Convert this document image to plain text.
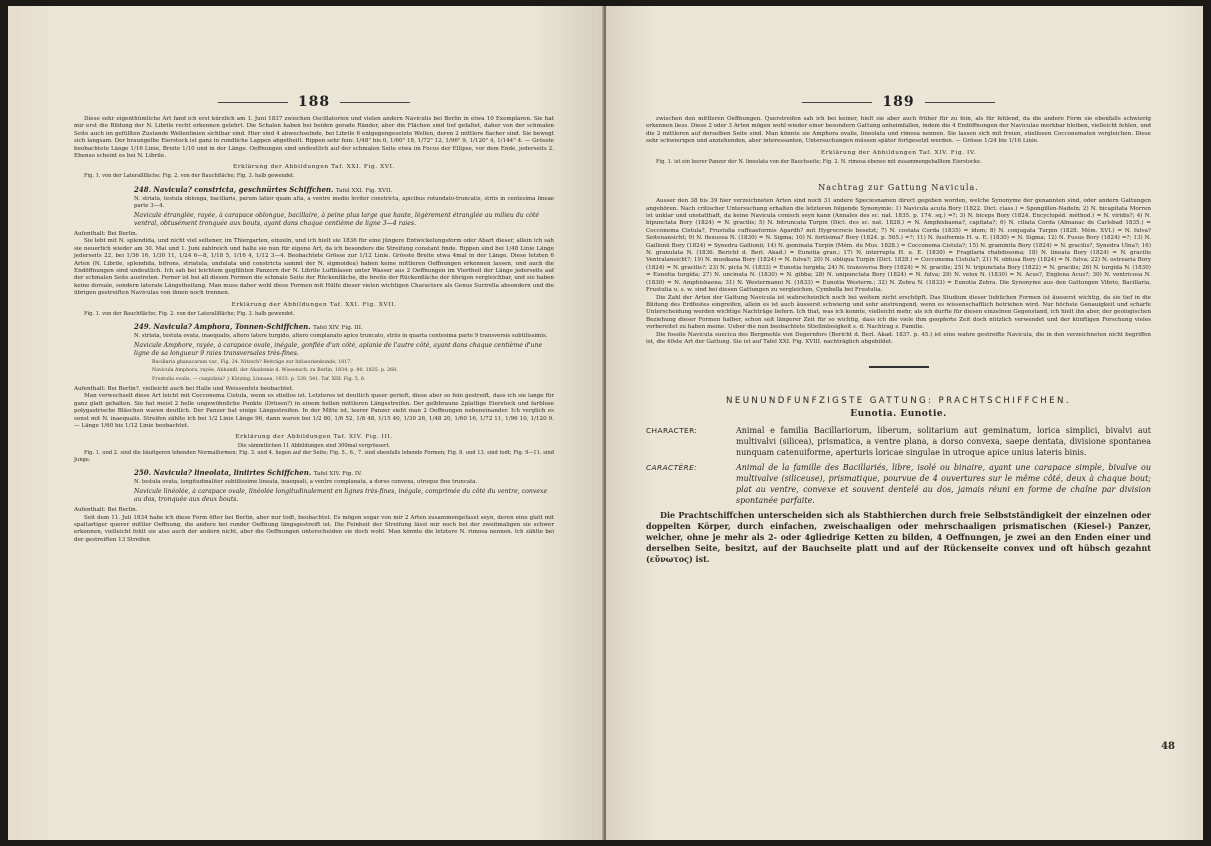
188

Diese sehr eigenthümliche Art fand ich erst kürzlich am 1. Juni 1837 zwischen Oscillatorien und vielen andern Naviculis bei Berlin in etwa 10 Exemplaren. Sie hat mir erst die Bildung der N. Librile recht erkennen gelehrt. Die Schalen haben bei beiden gerade Ränder, aber die Flächen sind tief gefaltet, daher von der schmalen Seite auch im gefüllten Zustande Wellenlinien sichtbar sind. Hier sind 4 abwechselnde, bei Librile 6 entgegengesetzte Wellen, deren 2 mittlere flacher sind. Sie bewegt sich langsam. Der braungelbe Eierstock ist ganz in rundliche Lappen abgetheilt. Rippen sehr fein: 1/48" bis 0, 1/60" 18, 1/72" 12, 1/96" 9, 1/120" 4, 1/144" 4. — Grösste beobachtete Länge 1/16 Linie, Breite 1/10 und in der Länge. Oeffnungen sind undeutlich auf der schmalen Seite etwa im Focus der Ellipse, vor dem Ende, jederseits 2. Ebenso scheint es bei N. Librile.

Erklärung der Abbildungen Taf. XXI. Fig. XVI.

Fig. 1. von der Laterallfläche; Fig. 2. von der Bauchfläche; Fig. 3. halb gewendet.

248. Navicula? constricta, geschnürtes Schiffchen. Tafel XXI. Fig. XVII.

N. striata, testula oblonga, bacillaris, parum latior quam alta, a ventre medio leviter constricta, apicibus rotundato-truncatis, striis in centesima lineae parte 3—4.

Navicule étranglée, rayée, à carapace oblongue, bacillaire, à peine plus large que haute, légèrement étranglée au milieu du côté ventral, obtusément tronquée aux bouts, ayant dans chaque centième de ligne 3—4 raies.

Aufenthalt: Bei Berlin.

Sie lebt mit N. splendida, und nicht viel seltener, im Thiergarten, einzeln, und ich hielt sie 1836 für eine jüngere Entwickelungsform oder Abart dieser, allein ich sah sie neuerlich wieder am 30. Mai und 1. Juni zahlreich und halte sie nun für eigene Art, da ich besonders die Streifung constant finde. Rippen sind bei 1/48 Linie Länge jederseits 22, bei 1/36 16, 1/30 11, 1/24 6—8, 1/18 5, 1/16 4, 1/12 3—4. Beobachtete Grösse zur 1/12 Linie. Grösste Breite etwa 4mal in der Länge. Diese letzten 6 Arten (N. Librile, splendida, bifrons, striatula, undulata und constricta sammt der N. sigmoidea) haben keine mittleren Oeffnungen erkennen lassen, und auch die Endöffnungen sind undeutlich. Ich sah bei leichtem geglühten Panzern der N. Librile Luftblasen unter Wasser aus 2 Oeffnungen im Viertheil der Länge jederseits auf der schmalen Seite austreten. Ferner ist bei all diesen Formen die schmale Seite der Rückenfläche, die breite der Rückenfläche der übrigen vergleichbar, und sie haben keine dorsale, sondern laterale Längstheilung. Man muss daher wohl diese Formen mit Hülfe dieser vielen wichtigen Charactere als Genus Surirella absondern und die übrigen gestreiften Naviculas von ihnen noch trennen.

Erklärung der Abbildungen Taf. XXI. Fig. XVII.

Fig. 1. von der Bauchfläche; Fig. 2. von der Laterallfläche; Fig. 3. halb gewendet.

249. Navicula? Amphora, Tonnen-Schiffchen. Tafel XIV. Fig. III.

N. striata, testula ovata, inaequalis, altero latere turgido, altero complanato apice truncato, striis in quarta centesima parte 9 transversis subtilissimis.

Navicule Amphore, rayée, à carapace ovale, inégale, gonflée d'un côté, aplanie de l'autre côté, ayant dans chaque centième d'une ligne de sa longueur 9 raies transversales très-fines.

Bacillaria ghanacarum var., Fig. 24. Nitzsch? Beiträge zur Infusorienkunde, 1817.

Navicula Amphora, rayée, Abhandl. der Akademie d. Wissensch. zu Berlin, 1834. p. 80. 1835. p. 268.

Frustulia ovalis, — cuspidata? } Kützing, Linnaea, 1833. p. 539, 541. Taf. XIII. Fig. 5, 6.

Aufenthalt: Bei Berlin?, vielleicht auch bei Halle und Weissenfels beobachtet.

Man verwechselt diese Art leicht mit Cocconema Cistula, wenn es stiellos ist. Letzteres ist deutlich queer gerieft, diese aber so fein gestreift, dass ich sie lange für ganz glatt gehalten. Sie hat meist 2 helle ungewöhnliche Punkte (Drüsen?) in einem hellen mittleren Längsstreifen. Der gelbbraune 2plattige Eierstock und farblose polygastrische Bläschen waren deutlich. Der Panzer hat einige Längsstreifen. In der Mitte ist, leerer Panzer sieht man 2 Oeffnungen nebeneinander. Ich verglich es sonst mit N. inaequalis. Streifen zählte ich bei 1/2 Linie Länge 96, dann waren bei 1/2 80, 1/6 52, 1/8 48, 1/15 40, 1/30 26, 1/48 20, 1/60 16, 1/72 11, 1/96 10, 1/120 9. — Länge 1/60 bis 1/12 Linie beobachtet.

Erklärung der Abbildungen Taf. XIV. Fig. III.

Die sämmtlichen 11 Abbildungen sind 300mal vergrössert.

Fig. 1. und 2. sind die häufigeren lebenden Normalformen; Fig. 3. und 4. liegen auf der Seite; Fig. 5., 6., 7. sind ebenfalls lebende Formen; Fig. 8. und 13. sind todt; Fig. 9—11. sind Junge.

250. Navicula? lineolata, liniirtes Schiffchen. Tafel XIV. Fig. IV.

N. testula ovata, longitudinaliter subtilissime lineata, inaequali, a ventre complanata, a dorso convexa, utroque fine truncata.

Navicule linéolée, à carapace ovale, linéolée longitudinalement en lignes très-fines, inégale, comprimée du côté du ventre, convexe au dos, tronquée aux deux bouts.

Aufenthalt: Bei Berlin.

Seit dem 11. Juli 1834 habe ich diese Form öfter bei Berlin, aber nur todt, beobachtet. Es mögen sogar von mir 2 Arten zusammengefasst seyn, deren eine glatt mit spaltartiger querer mittler Oeffnung, die andere bei runder Oeffnung längsgestreift ist. Die Feinheit der Streifung lässt mir noch bei der zweitmaligen sie schwer erkennen, vielleicht fehlt sie also auch der andern nicht, aber die Oeffnungen unterscheiden sie doch wohl. Man könnte die letztere N. rimosa nennen. Ich zählte bei der gestreiften 13 Streifen

189

zwischen den mittleren Oeffnungen. Querstreifen sah ich bei keiner, hielt sie aber auch früher für zu fein, als für fehlend, da die andere Form sie ebenfalls schwierig erkennen liess. Diese 2 oder 3 Arten mögen wohl wieder einer besondern Gattung anheimfallen, indem die 4 Endöffnungen der Naviculae merkbar bleiben, vielleicht fehlen, und die 2 mittleren auf derselben Seite sind. Man könnte sie Amphora ovalis, lineolata und rimosa nennen. Sie lassen sich mit freien, stiellosen Cocconematen vergleichen. Diese sehr schwierigen und anziehenden, aber interessanten, Untersuchungen müssen später fortgesetzt werden. — Grösse 1/24 bis 1/16 Linie.

Erklärung der Abbildungen Taf. XIV. Fig. IV.

Fig. 1. ist ein leerer Panzer der N. lineolata von der Bauchseite; Fig. 2. N. rimosa ebenso mit zusammengeballtem Eierstocke.

Nachtrag zur Gattung Navicula.

Ausser den 38 bis 39 hier verzeichneten Arten sind noch 31 andere Speciesnamen direct gegeben worden, welche Synonyme der genannten sind, oder andern Gattungen angehören. Nach critischer Untersuchung erhalten die letzteren folgende Synonymie: 1) Navicula acuta Bory (1822. Dict. class.) = Spongillen-Nadeln; 2) N. bicapitata Morren ist unklar und unstatthaft, da keine Navicula conisch seyn kann (Annales des sc. nat. 1835. p. 174. sq.) =?; 3) N. biceps Bory (1824. Encyclopéd. méthod.) = N. viridis?; 4) N. bipunctata Bory (1824) = N. gracilis; 5) N. bitruncata Turpin (Dict. des sc. nat. 1828.) = N. Amphisbaena?, capitata?; 6) N. ciliata Corda (Almanac de Carlsbad 1835.) = Cocconema Cistula?, Frustulia cuffeaeformis Agardh? mit Hygrocrocis besetzt; 7) N. costata Corda (1835) = idem; 8) N. conjugata Turpin (1828. Mém. XVI.) = N. fulva? Seitenansicht; 9) N. flexuosa N. (1830) = N. Sigma; 10) N. fortisima? Bory (1824. p. 565.) =?; 11) N. fusiformis H. u. E. (1830) = N. Sigma; 12) N. Fusus Bory (1824) =?; 13) N. Gaillonii Bory (1824) = Synedra Gallionii; 14) N. geminata Turpin (Mém. du Mus. 1828.) = Cocconema Cistula?; 15) N. graminita Bory (1824) = N. gracilis?, Synedra Ulna?; 16) N. granulata N. (1836. Bericht d. Berl. Akad.) = Eunotia gran.; 17) N. interrupta H. u. E. (1830) = Fragilaria rhabdosoma; 18) N. lineata Bory (1824) = N. gracilis Ventralansicht?; 19) N. musikana Bory (1824) = N. fulva?; 20) N. obliqua Turpin (Dict. 1828.) = Cocconema Cistula?; 21) N. obtusa Bory (1824) = N. fulva; 22) N. ostrearia Bory (1824) = N. gracilis?; 23) N. picta N. (1833) = Eunotia turgida; 24) N. transversa Bory (1824) = N. gracilis; 25) N. tripunctata Bory (1822) = N. gracilis; 26) N. turgida N. (1830) = Eunotia turgida; 27) N. uncinata N. (1830) = N. gibba; 28) N. unipunctata Bory (1824) = N. fulva; 29) N. velox N. (1830) = N. Acus?, Englena Acus?; 30) N. ventricosa N. (1830) = N. Amphisbaena; 31) N. Westermanni N. (1833) = Eunotia Westerm.; 32) N. Zebra N. (1833) = Eunotia Zebra. Die Synonyme aus den Gattungen Vibrio, Bacillaria, Frustulia u. s. w. sind bei diesen Gattungen zu vergleichen, Cymbella bei Frustulia.

Die Zahl der Arten der Gattung Navicula ist wahrscheinlich noch bei weitem nicht erschöpft. Das Studium dieser lieblichen Formen ist äusserst wichtig, da sie tief in die Bildung des Erdfestes eingreifen, allein es ist auch äusserst schwierig und sehr anstrengend, wenn es wissenschaftlich betrieben wird. Nur höchste Genauigkeit und scharfe Unterscheidung werden wichtige Nachträge liefern. Ich that, was ich konnte, vielleicht mehr, als ich durfte für diesen einzelnen Gegenstand, ich hielt ihn aber, der geologischen Beziehung dieser Formen halber, schon seit längerer Zeit für so wichtig, dass ich die viele ihm geopferte Zeit doch nützlich verwendet und der künftigen Forschung vieles vorbereitet zu haben meine. Ueber die nun beobachtete Stiellmlosigkeit s. d. Nachtrag z. Familie.

Die fossile Navicula suecica des Bergmehls von Degernfors (Bericht d. Berl. Akad. 1837. p. 45.) ist eine wahre gestreifte Navicula, die in den verzeichneten nicht begriffen ist, die 40ste Art der Gattung. Sie ist auf Tafel XXI. Fig. XVIII. nachträglich abgebildet.

NEUNUNDFUNFZIGSTE GATTUNG: PRACHTSCHIFFCHEN.
Eunotia. Eunotie.

CHARACTER:	Animal e familia Bacillariorum, liberum, solitarium aut geminatum, lorica simplici, bivalvi aut multivalvi (silicea), prismatica, a ventre plana, a dorso convexa, saepe dentata, divisione spontanea nunquam catenuiforme, aperturis loricae singulae in utroque apice unius lateris binis.

CARACTÈRE:	Animal de la famille des Bacillariés, libre, isolé ou binaire, ayant une carapace simple, bivalve ou multivalve (siliceuse), prismatique, pourvue de 4 ouvertures sur le même côté, deux à chaque bout; plat au ventre, convexe et souvent dentelé au dos, jamais réuni en forme de chaîne par division spontanée parfaite.

Die Prachtschiffchen unterscheiden sich als Stabthierchen durch freie Selbstständigkeit der einzelnen oder doppelten Körper, durch einfachen, zweischaaligen oder mehrschaaligen prismatischen (Kiesel-) Panzer, welcher, ohne je mehr als 2- oder 4gliedrige Ketten zu bilden, 4 Oeffnungen, je zwei an den Enden einer und derselben Seite, besitzt, auf der Bauchseite platt und auf der Rückenseite convex und oft hübsch gezahnt (εὔνωτος) ist.

48
